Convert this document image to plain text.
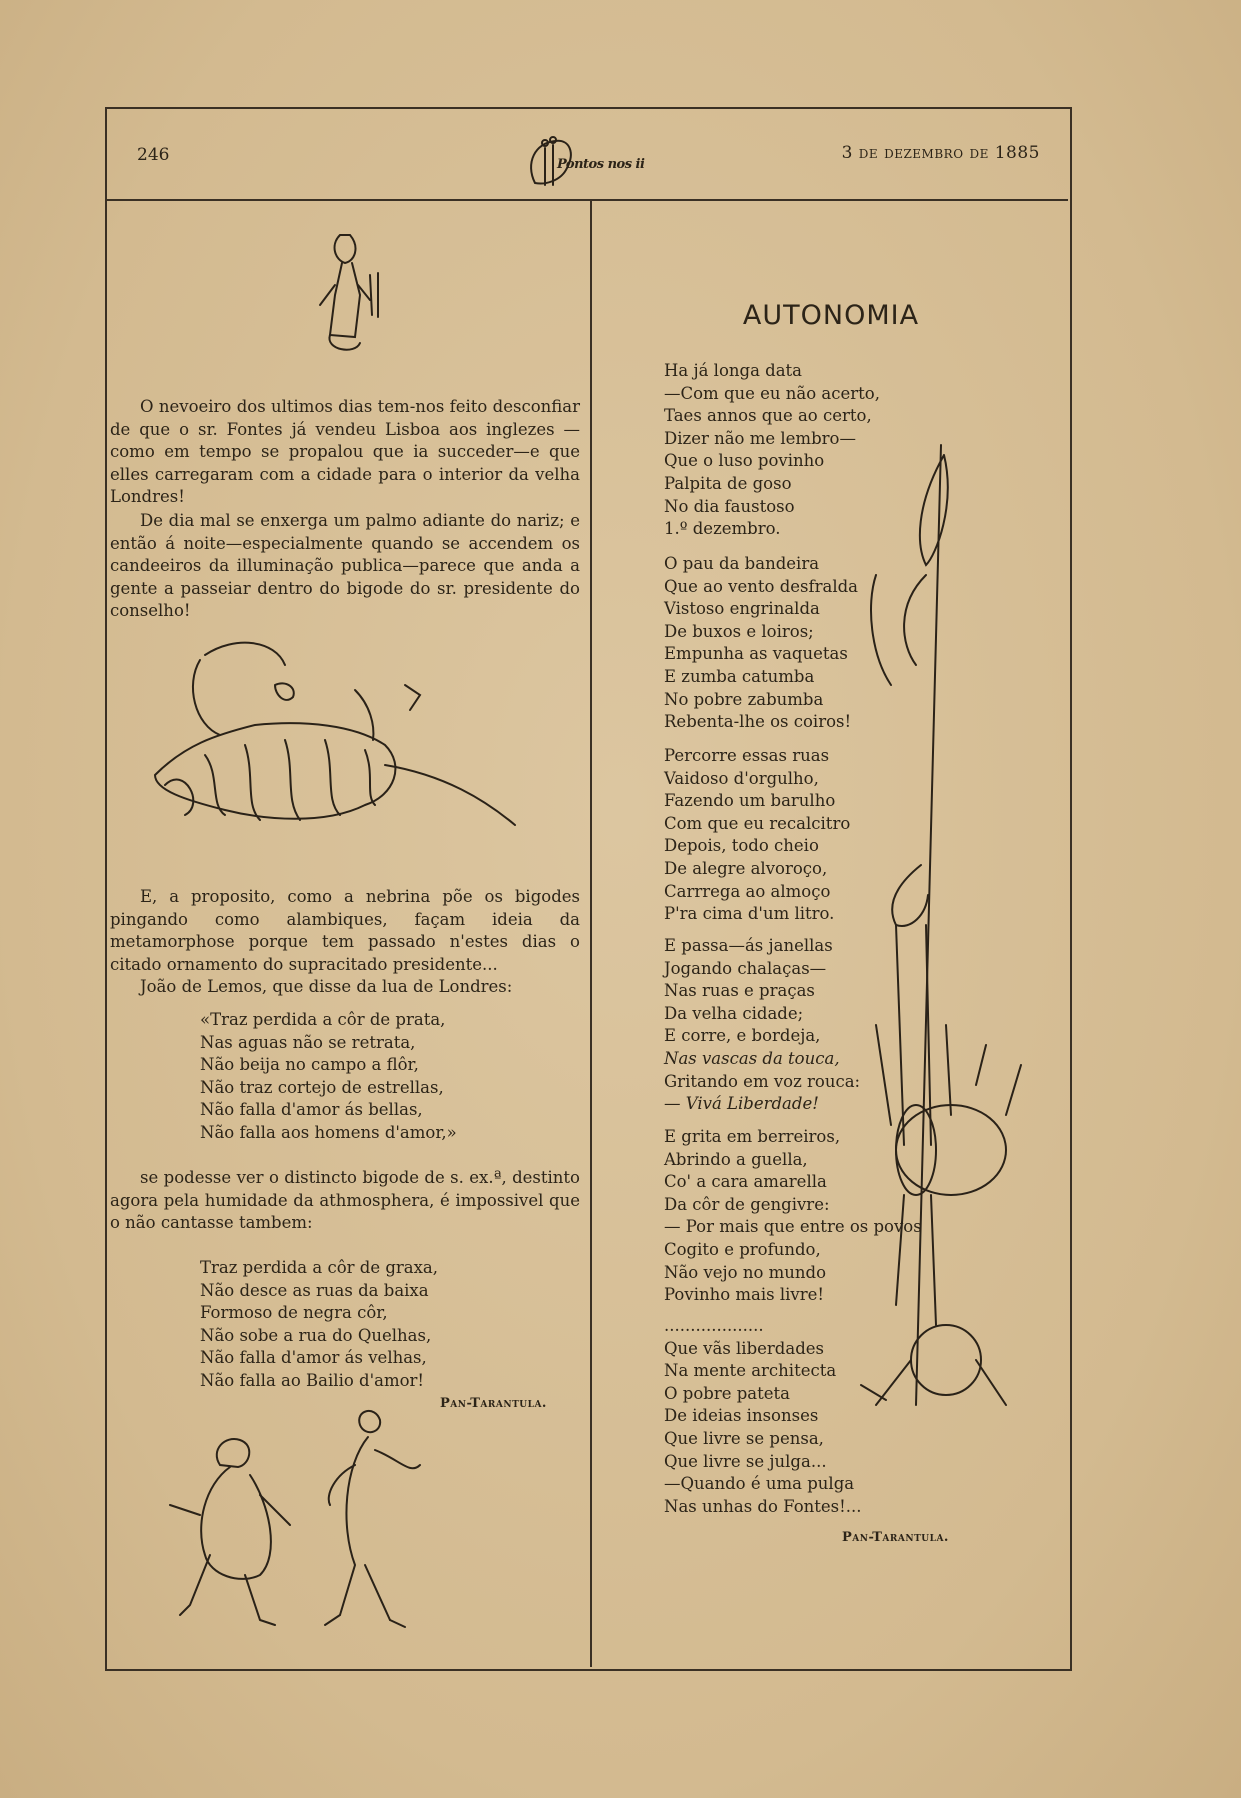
246	Pontos nos ii
3 de dezembro de 1885

O nevoeiro dos ultimos dias tem-nos feito desconfiar de que o sr. Fontes já vendeu Lisboa aos inglezes —como em tempo se propalou que ia succeder—e que elles carregaram com a cidade para o interior da velha Londres!

De dia mal se enxerga um palmo adiante do nariz; e então á noite—especialmente quando se accendem os candeeiros da illuminação publica—parece que anda a gente a passeiar dentro do bigode do sr. presidente do conselho!

E, a proposito, como a nebrina põe os bigodes pingando como alambiques, façam ideia da metamorphose porque tem passado n'estes dias o citado ornamento do supracitado presidente...

João de Lemos, que disse da lua de Londres:

«Traz perdida a côr de prata,
Nas aguas não se retrata,
Não beija no campo a flôr,
Não traz cortejo de estrellas,
Não falla d'amor ás bellas,
Não falla aos homens d'amor,»

se podesse ver o distincto bigode de s. ex.ª, destinto agora pela humidade da athmosphera, é impossivel que o não cantasse tambem:

Traz perdida a côr de graxa,
Não desce as ruas da baixa
Formoso de negra côr,
Não sobe a rua do Quelhas,
Não falla d'amor ás velhas,
Não falla ao Bailio d'amor!
Pan-Tarantula.
AUTONOMIA
Ha já longa data
—Com que eu não acerto,
Taes annos que ao certo,
Dizer não me lembro—
Que o luso povinho
Palpita de goso
No dia faustoso
1.º dezembro.
O pau da bandeira
Que ao vento desfralda
Vistoso engrinalda
De buxos e loiros;
Empunha as vaquetas
E zumba catumba
No pobre zabumba
Rebenta-lhe os coiros!
Percorre essas ruas
Vaidoso d'orgulho,
Fazendo um barulho
Com que eu recalcitro
Depois, todo cheio
De alegre alvoroço,
Carrrega ao almoço
P'ra cima d'um litro.
E passa—ás janellas
Jogando chalaças—
Nas ruas e praças
Da velha cidade;
E corre, e bordeja,
Nas vascas da touca,
Gritando em voz rouca:
— Vivá Liberdade!
E grita em berreiros,
Abrindo a guella,
Co' a cara amarella
Da côr de gengivre:
— Por mais que entre os povos
Cogito e profundo,
Não vejo no mundo
Povinho mais livre!
...................
Que vãs liberdades
Na mente architecta
O pobre pateta
De ideias insonses
Que livre se pensa,
Que livre se julga...
—Quando é uma pulga
Nas unhas do Fontes!...
Pan-Tarantula.
